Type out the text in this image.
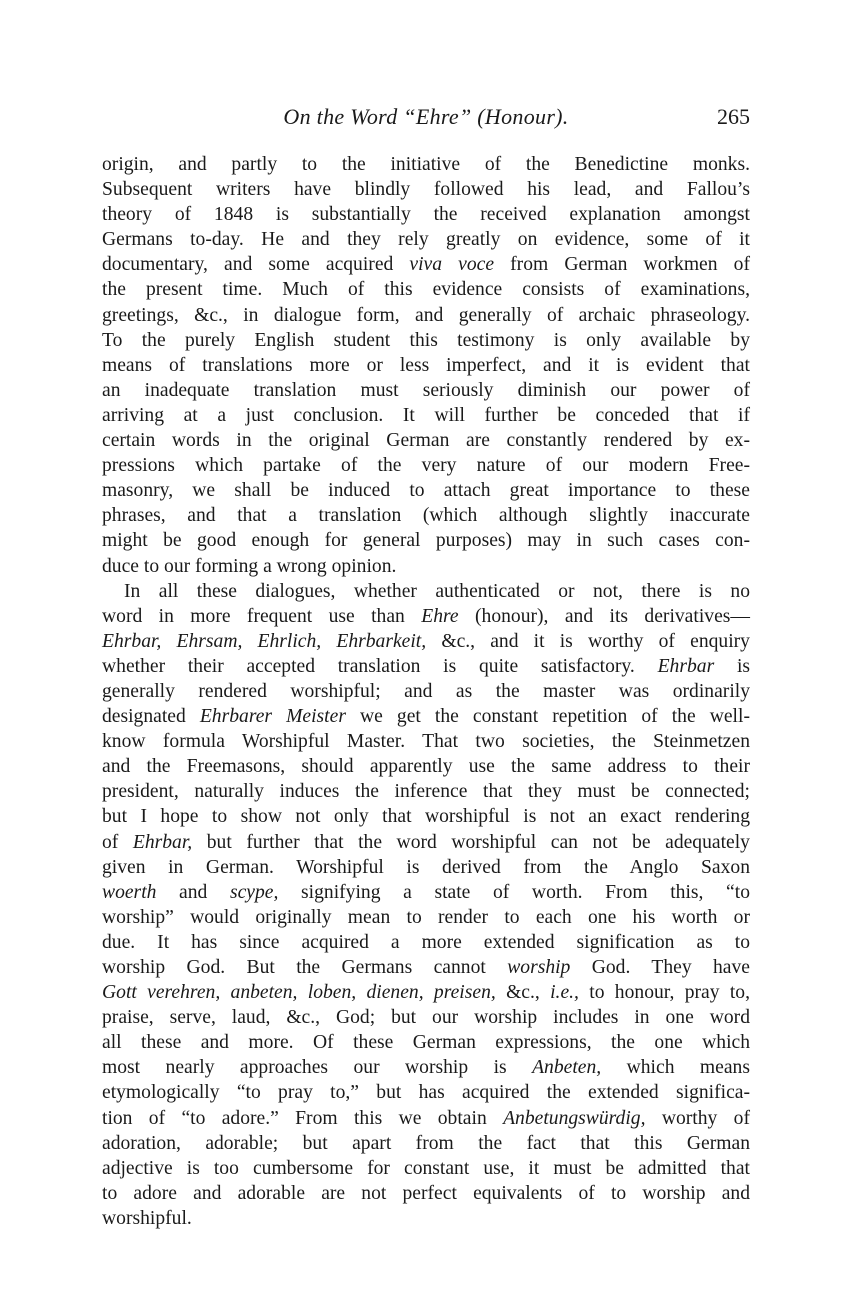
On the Word “Ehre” (Honour).	265
origin, and partly to the initiative of the Benedictine monks.
Subsequent writers have blindly followed his lead, and Fallou’s
theory of 1848 is substantially the received explanation amongst
Germans to-day. He and they rely greatly on evidence, some of it
documentary, and some acquired viva voce from German workmen of
the present time. Much of this evidence consists of examinations,
greetings, &c., in dialogue form, and generally of archaic phraseology.
To the purely English student this testimony is only available by
means of translations more or less imperfect, and it is evident that
an inadequate translation must seriously diminish our power of
arriving at a just conclusion. It will further be conceded that if
certain words in the original German are constantly rendered by ex-
pressions which partake of the very nature of our modern Free-
masonry, we shall be induced to attach great importance to these
phrases, and that a translation (which although slightly inaccurate
might be good enough for general purposes) may in such cases con-
duce to our forming a wrong opinion.
In all these dialogues, whether authenticated or not, there is no
word in more frequent use than Ehre (honour), and its derivatives—
Ehrbar, Ehrsam, Ehrlich, Ehrbarkeit, &c., and it is worthy of enquiry
whether their accepted translation is quite satisfactory. Ehrbar is
generally rendered worshipful; and as the master was ordinarily
designated Ehrbarer Meister we get the constant repetition of the well-
know formula Worshipful Master. That two societies, the Steinmetzen
and the Freemasons, should apparently use the same address to their
president, naturally induces the inference that they must be connected;
but I hope to show not only that worshipful is not an exact rendering
of Ehrbar, but further that the word worshipful can not be adequately
given in German. Worshipful is derived from the Anglo Saxon
woerth and scype, signifying a state of worth. From this, “to
worship” would originally mean to render to each one his worth or
due. It has since acquired a more extended signification as to
worship God. But the Germans cannot worship God. They have
Gott verehren, anbeten, loben, dienen, preisen, &c., i.e., to honour, pray to,
praise, serve, laud, &c., God; but our worship includes in one word
all these and more. Of these German expressions, the one which
most nearly approaches our worship is Anbeten, which means
etymologically “to pray to,” but has acquired the extended significa-
tion of “to adore.” From this we obtain Anbetungswürdig, worthy of
adoration, adorable; but apart from the fact that this German
adjective is too cumbersome for constant use, it must be admitted that
to adore and adorable are not perfect equivalents of to worship and
worshipful.
